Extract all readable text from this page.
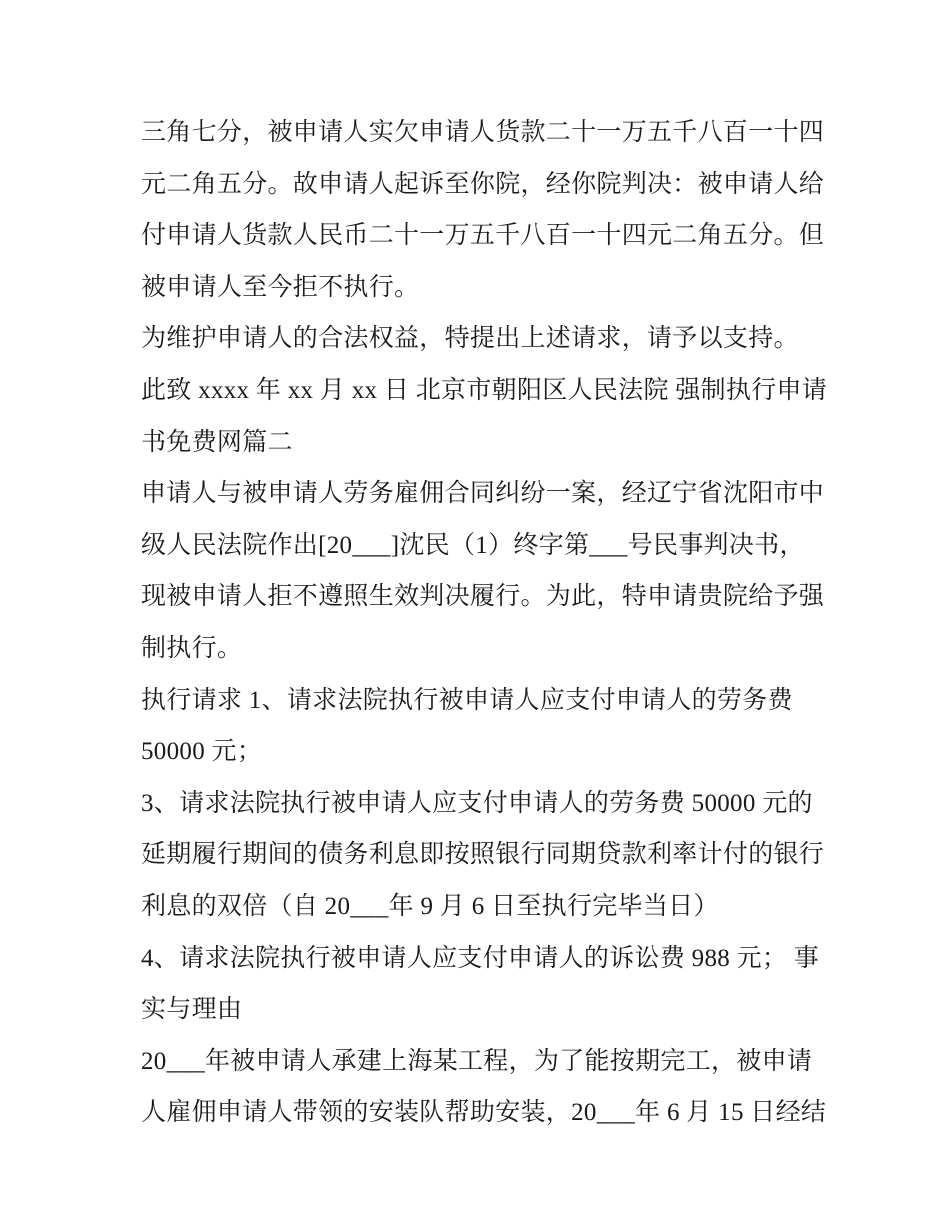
三角七分，被申请人实欠申请人货款二十一万五千八百一十四
元二角五分。故申请人起诉至你院，经你院判决：被申请人给
付申请人货款人民币二十一万五千八百一十四元二角五分。但
被申请人至今拒不执行。
为维护申请人的合法权益，特提出上述请求，请予以支持。
此致 xxxx 年 xx 月 xx 日 北京市朝阳区人民法院 强制执行申请
书免费网篇二
申请人与被申请人劳务雇佣合同纠纷一案，经辽宁省沈阳市中
级人民法院作出[20___]沈民（1）终字第___号民事判决书，
现被申请人拒不遵照生效判决履行。为此，特申请贵院给予强
制执行。
执行请求 1、请求法院执行被申请人应支付申请人的劳务费
50000 元；
3、请求法院执行被申请人应支付申请人的劳务费 50000 元的
延期履行期间的债务利息即按照银行同期贷款利率计付的银行
利息的双倍（自 20___年 9 月 6 日至执行完毕当日）
4、请求法院执行被申请人应支付申请人的诉讼费 988 元； 事
实与理由
20___年被申请人承建上海某工程，为了能按期完工，被申请
人雇佣申请人带领的安装队帮助安装，20___年 6 月 15 日经结
